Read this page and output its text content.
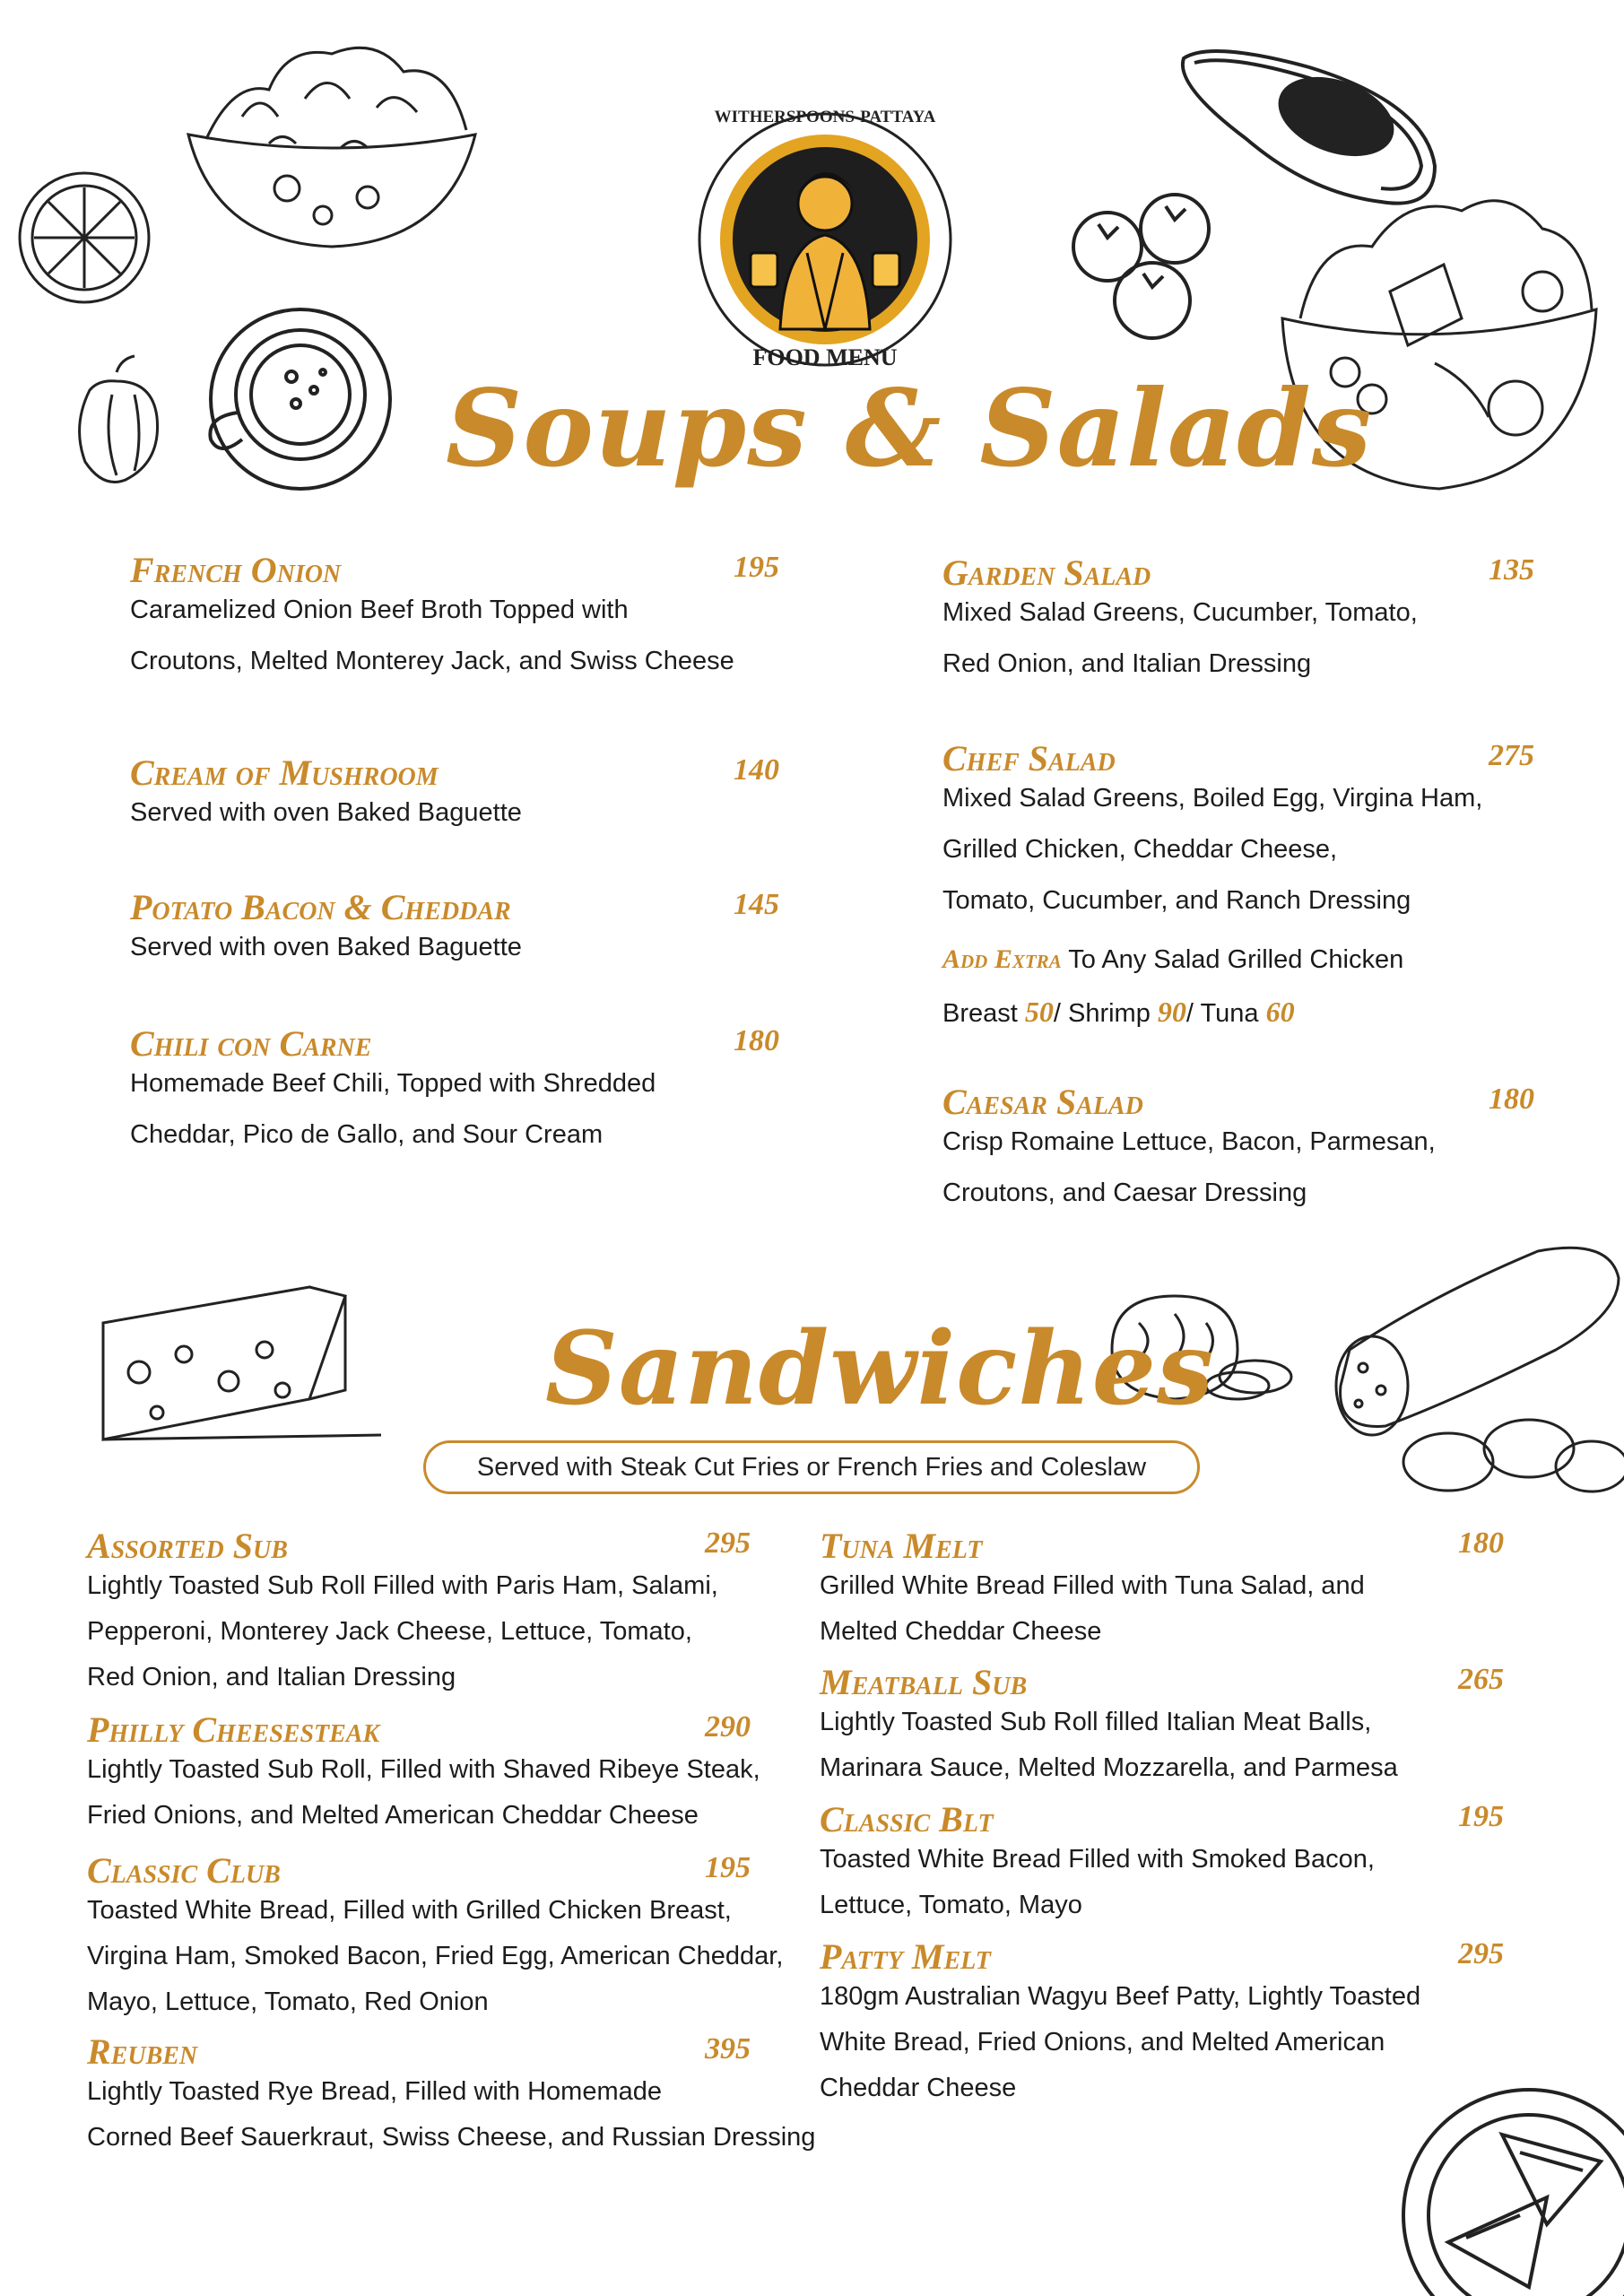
WITHERSPOONS-PATTAYA
FOOD MENU
Soups & Salads
French Onion	195
Caramelized Onion Beef Broth Topped with
Croutons, Melted Monterey Jack, and Swiss Cheese
Cream of Mushroom	140
Served with oven Baked Baguette
Potato Bacon & Cheddar	145
Served with oven Baked Baguette
Chili con Carne	180
Homemade Beef Chili, Topped with Shredded
Cheddar, Pico de Gallo, and Sour Cream
Garden Salad	135
Mixed Salad Greens, Cucumber, Tomato,
Red Onion, and Italian Dressing
Chef Salad	275
Mixed Salad Greens, Boiled Egg, Virgina Ham,
Grilled Chicken, Cheddar Cheese,
Tomato, Cucumber, and Ranch Dressing
Caesar Salad	180
Crisp Romaine Lettuce, Bacon, Parmesan,
Croutons, and Caesar Dressing
Add Extra To Any Salad Grilled Chicken
Breast 50/ Shrimp 90/ Tuna 60
Sandwiches
Served with Steak Cut Fries or French Fries and Coleslaw
Assorted Sub	295
Lightly Toasted Sub Roll Filled with Paris Ham, Salami,
Pepperoni, Monterey Jack Cheese, Lettuce, Tomato,
Red Onion, and Italian Dressing
Philly Cheesesteak	290
Lightly Toasted Sub Roll, Filled with Shaved Ribeye Steak,
Fried Onions, and Melted American Cheddar Cheese
Classic Club	195
Toasted White Bread, Filled with Grilled Chicken Breast,
Virgina Ham, Smoked Bacon, Fried Egg, American Cheddar,
Mayo, Lettuce, Tomato, Red Onion
Reuben	395
Lightly Toasted Rye Bread, Filled with Homemade
Corned Beef Sauerkraut, Swiss Cheese, and Russian Dressing
Tuna Melt	180
Grilled White Bread Filled with Tuna Salad, and
Melted Cheddar Cheese
Meatball Sub	265
Lightly Toasted Sub Roll filled Italian Meat Balls,
Marinara Sauce, Melted Mozzarella, and Parmesa
Classic Blt	195
Toasted White Bread Filled with Smoked Bacon,
Lettuce, Tomato, Mayo
Patty Melt	295
180gm Australian Wagyu Beef Patty, Lightly Toasted
White Bread, Fried Onions, and Melted American
Cheddar Cheese
